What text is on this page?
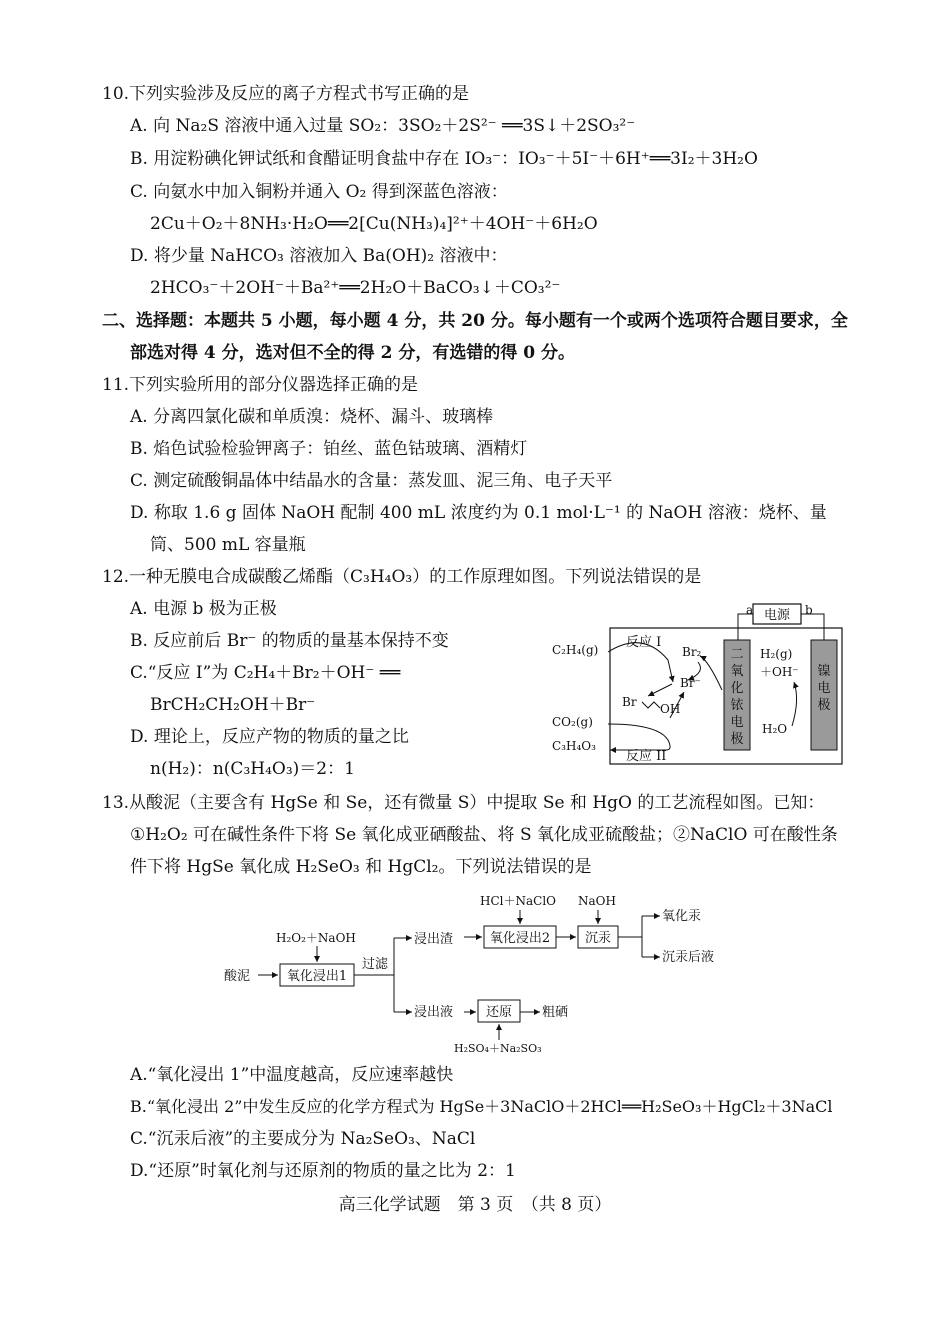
10.下列实验涉及反应的离子方程式书写正确的是
A. 向 Na₂S 溶液中通入过量 SO₂：3SO₂＋2S²⁻ ══3S↓＋2SO₃²⁻
B. 用淀粉碘化钾试纸和食醋证明食盐中存在 IO₃⁻：IO₃⁻＋5I⁻＋6H⁺══3I₂＋3H₂O
C. 向氨水中加入铜粉并通入 O₂ 得到深蓝色溶液：
2Cu＋O₂＋8NH₃·H₂O══2[Cu(NH₃)₄]²⁺＋4OH⁻＋6H₂O
D. 将少量 NaHCO₃ 溶液加入 Ba(OH)₂ 溶液中：
2HCO₃⁻＋2OH⁻＋Ba²⁺══2H₂O＋BaCO₃↓＋CO₃²⁻
二、选择题：本题共 5 小题，每小题 4 分，共 20 分。每小题有一个或两个选项符合题目要求，全
部选对得 4 分，选对但不全的得 2 分，有选错的得 0 分。
11.下列实验所用的部分仪器选择正确的是
A. 分离四氯化碳和单质溴：烧杯、漏斗、玻璃棒
B. 焰色试验检验钾离子：铂丝、蓝色钴玻璃、酒精灯
C. 测定硫酸铜晶体中结晶水的含量：蒸发皿、泥三角、电子天平
D. 称取 1.6 g 固体 NaOH 配制 400 mL 浓度约为 0.1 mol·L⁻¹ 的 NaOH 溶液：烧杯、量
筒、500 mL 容量瓶
12.一种无膜电合成碳酸乙烯酯（C₃H₄O₃）的工作原理如图。下列说法错误的是
A. 电源 b 极为正极
B. 反应前后 Br⁻ 的物质的量基本保持不变
C.“反应 I”为 C₂H₄＋Br₂＋OH⁻ ══
BrCH₂CH₂OH＋Br⁻
D. 理论上，反应产物的物质的量之比
n(H₂)：n(C₃H₄O₃)＝2：1
电源
a	b
二
氧
化
铱
电
极
镍
电
极
C₂H₄(g) 反应 I
Br₂
Br⁻
Br OH
CO₂(g)
C₃H₄O₃
反应 II
H₂(g)
＋OH⁻
H₂O
13.从酸泥（主要含有 HgSe 和 Se，还有微量 S）中提取 Se 和 HgO 的工艺流程如图。已知：
①H₂O₂ 可在碱性条件下将 Se 氧化成亚硒酸盐、将 S 氧化成亚硫酸盐；②NaClO 可在酸性条
件下将 HgSe 氧化成 H₂SeO₃ 和 HgCl₂。下列说法错误的是
氧化浸出1
氧化浸出2	沉汞
还原
H₂O₂＋NaOH
酸泥
过滤
浸出渣
HCl＋NaClO NaOH
氧化汞
沉汞后液
浸出液	粗硒
H₂SO₄＋Na₂SO₃
A.“氧化浸出 1”中温度越高，反应速率越快
B.“氧化浸出 2”中发生反应的化学方程式为 HgSe＋3NaClO＋2HCl══H₂SeO₃＋HgCl₂＋3NaCl
C.“沉汞后液”的主要成分为 Na₂SeO₃、NaCl
D.“还原”时氧化剂与还原剂的物质的量之比为 2：1
高三化学试题　第 3 页　（共 8 页）
